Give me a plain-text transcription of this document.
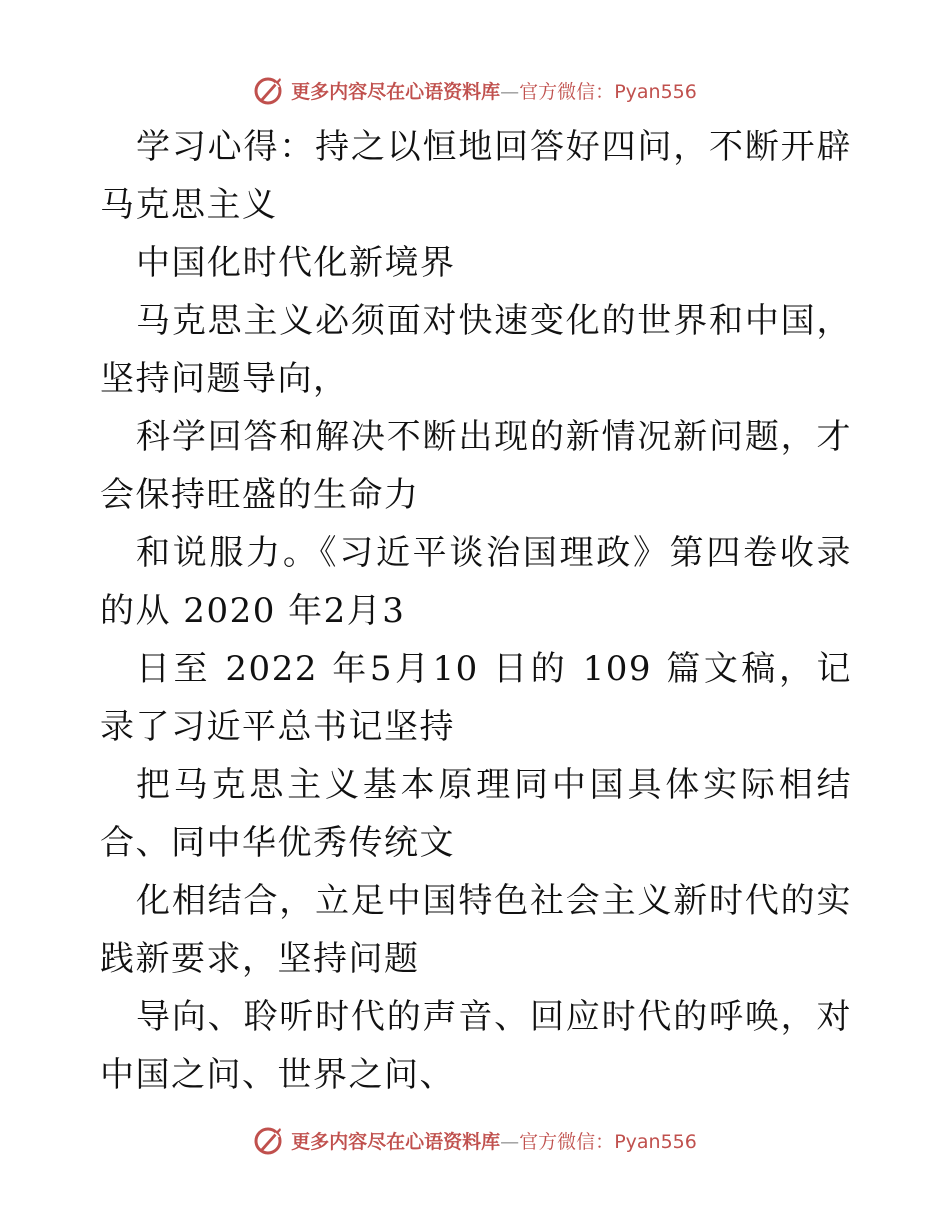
更多内容尽在心语资料库—官方微信：Pyan556

学习心得：持之以恒地回答好四问，不断开辟马克思主义

中国化时代化新境界

马克思主义必须面对快速变化的世界和中国，坚持问题导向，

科学回答和解决不断出现的新情况新问题，才会保持旺盛的生命力

和说服力。《习近平谈治国理政》第四卷收录的从 2020 年2月3

日至 2022 年5月10 日的 109 篇文稿，记录了习近平总书记坚持

把马克思主义基本原理同中国具体实际相结合、同中华优秀传统文

化相结合，立足中国特色社会主义新时代的实践新要求，坚持问题

导向、聆听时代的声音、回应时代的呼唤，对中国之问、世界之问、

更多内容尽在心语资料库—官方微信：Pyan556
